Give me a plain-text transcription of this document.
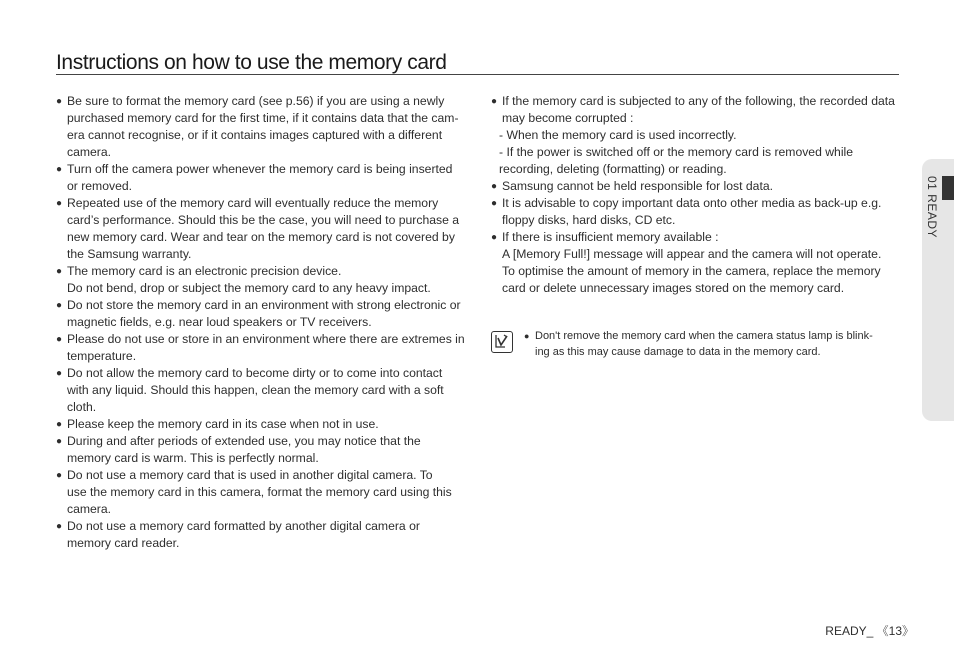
Instructions on how to use the memory card
● Be sure to format the memory card (see p.56) if you are using a newly
purchased memory card for the first time, if it contains data that the cam-
era cannot recognise, or if it contains images captured with a different
camera.
● Turn off the camera power whenever the memory card is being inserted
or removed.
● Repeated use of the memory card will eventually reduce the memory
card’s performance. Should this be the case, you will need to purchase a
new memory card. Wear and tear on the memory card is not covered by
the Samsung warranty.
● The memory card is an electronic precision device.
Do not bend, drop or subject the memory card to any heavy impact.
● Do not store the memory card in an environment with strong electronic or
magnetic fields, e.g. near loud speakers or TV receivers.
● Please do not use or store in an environment where there are extremes in
temperature.
● Do not allow the memory card to become dirty or to come into contact
with any liquid. Should this happen, clean the memory card with a soft
cloth.
● Please keep the memory card in its case when not in use.
● During and after periods of extended use, you may notice that the
memory card is warm. This is perfectly normal.
● Do not use a memory card that is used in another digital camera. To
use the memory card in this camera, format the memory card using this
camera.
● Do not use a memory card formatted by another digital camera or
memory card reader.
● If the memory card is subjected to any of the following, the recorded data
may become corrupted :
- When the memory card is used incorrectly.
- If the power is switched off or the memory card is removed while
recording, deleting (formatting) or reading.
● Samsung cannot be held responsible for lost data.
● It is advisable to copy important data onto other media as back-up e.g.
floppy disks, hard disks, CD etc.
● If there is insufficient memory available :
A [Memory Full!] message will appear and the camera will not operate.
To optimise the amount of memory in the camera, replace the memory
card or delete unnecessary images stored on the memory card.
● Don't remove the memory card when the camera status lamp is blink-
ing as this may cause damage to data in the memory card.
01 READY
READY_ 《13》
